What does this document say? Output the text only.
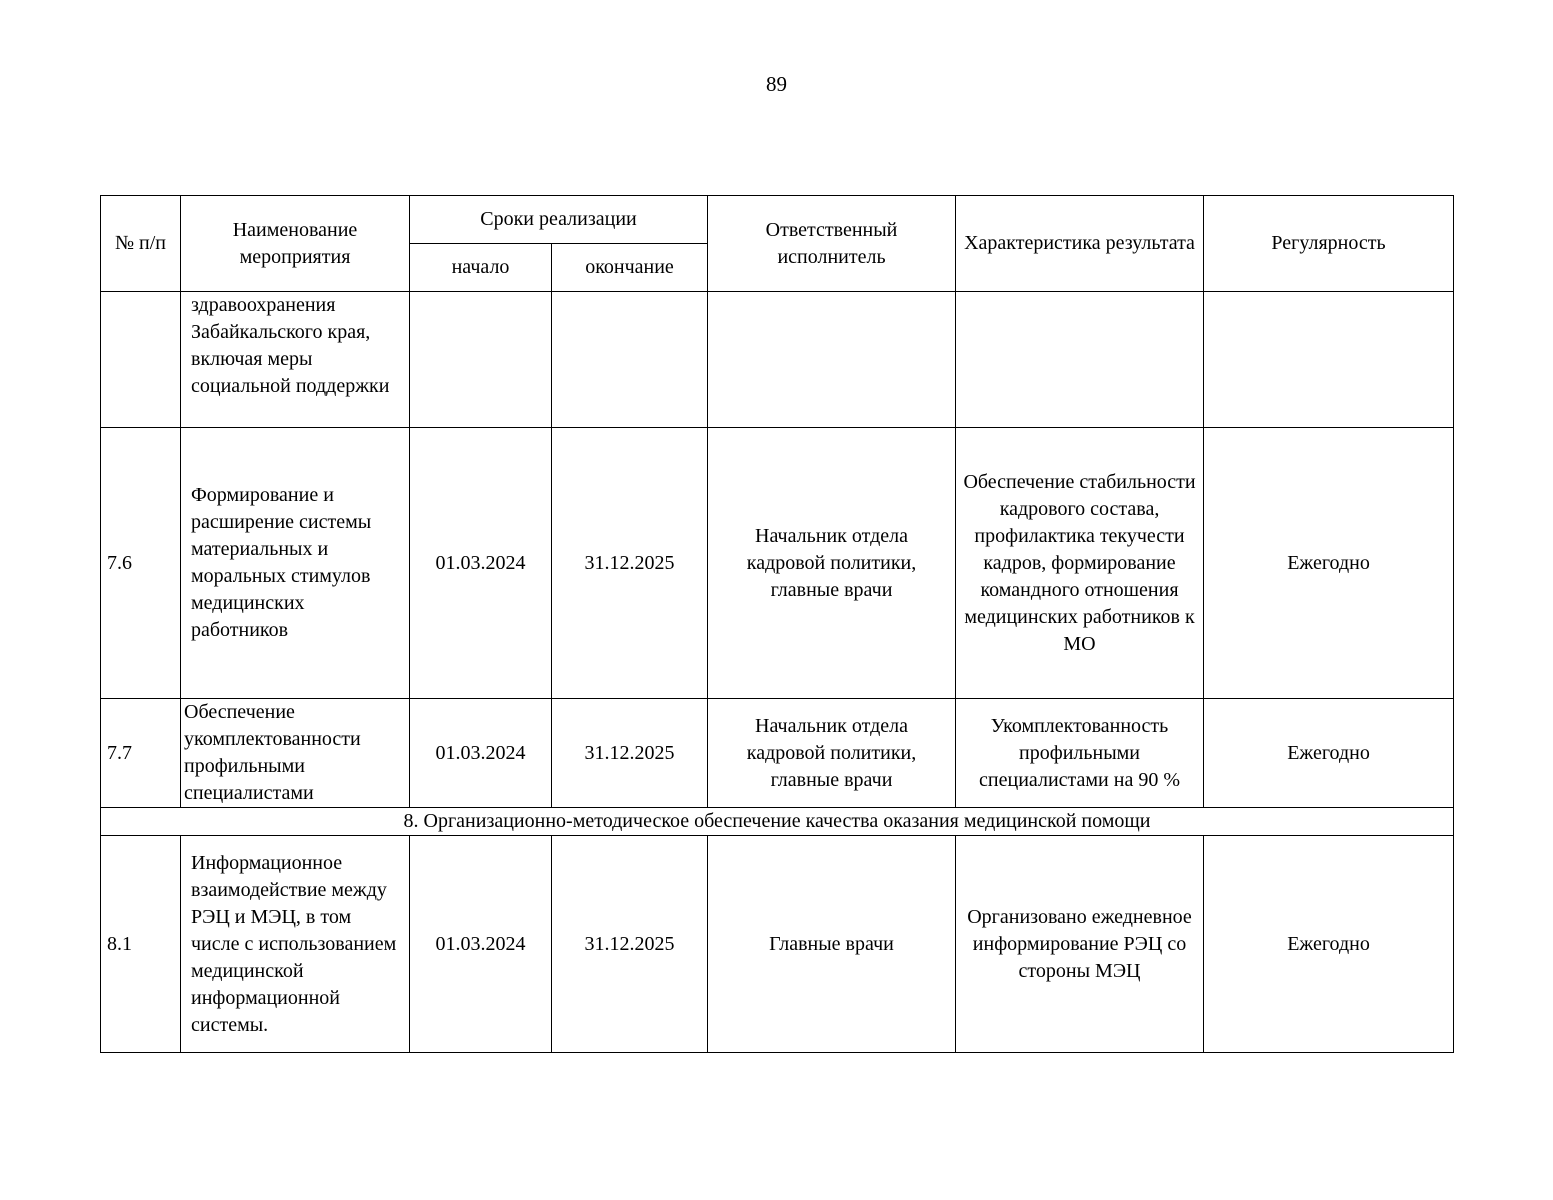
89
№ п/п	Наименование мероприятия	Сроки реализации		Ответственный исполнитель	Характеристика результата	Регулярность
		начало	окончание			
	здравоохранения Забайкальского края, включая меры социальной поддержки					
7.6	Формирование и расширение системы материальных и моральных стимулов медицинских работников	01.03.2024	31.12.2025	Начальник отдела кадровой политики, главные врачи	Обеспечение стабильности кадрового состава, профилактика текучести кадров, формирование командного отношения медицинских работников к МО	Ежегодно
7.7	Обеспечение укомплектованности профильными специалистами	01.03.2024	31.12.2025	Начальник отдела кадровой политики, главные врачи	Укомплектованность профильными специалистами на 90 %	Ежегодно
8. Организационно-методическое обеспечение качества оказания медицинской помощи						
8.1	Информационное взаимодействие между РЭЦ и МЭЦ, в том числе с использованием медицинской информационной системы.	01.03.2024	31.12.2025	Главные врачи	Организовано ежедневное информирование РЭЦ со стороны МЭЦ	Ежегодно
